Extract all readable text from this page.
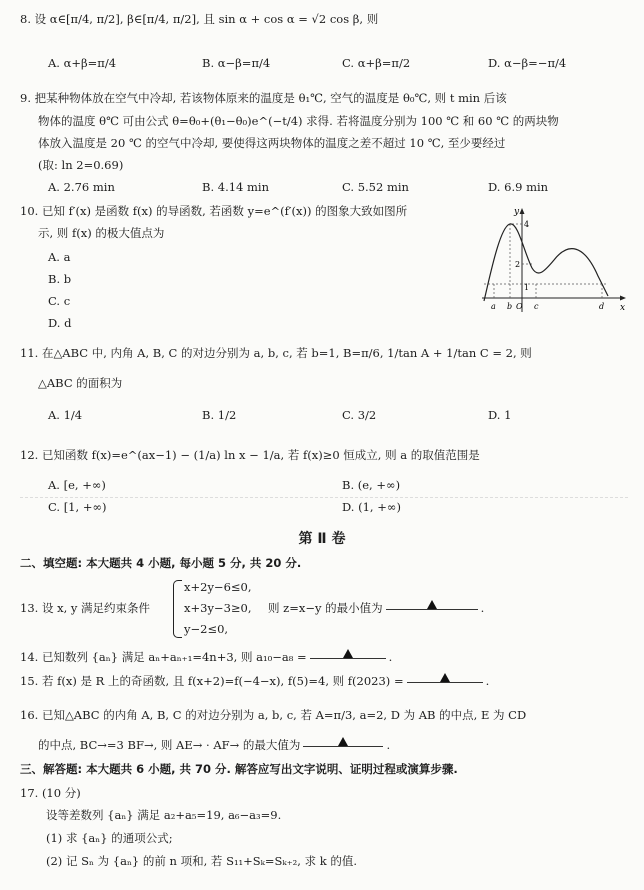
8. 设 α∈[π/4, π/2], β∈[π/4, π/2], 且 sin α + cos α = √2 cos β, 则
A. α+β=π/4	B. α−β=π/4	C. α+β=π/2	D. α−β=−π/4
9. 把某种物体放在空气中冷却, 若该物体原来的温度是 θ₁℃, 空气的温度是 θ₀℃, 则 t min 后该
物体的温度 θ℃ 可由公式 θ=θ₀+(θ₁−θ₀)e^(−t/4) 求得. 若将温度分别为 100 ℃ 和 60 ℃ 的两块物
体放入温度是 20 ℃ 的空气中冷却, 要使得这两块物体的温度之差不超过 10 ℃, 至少要经过
(取: ln 2=0.69)
A. 2.76 min	B. 4.14 min	C. 5.52 min	D. 6.9 min
10. 已知 f′(x) 是函数 f(x) 的导函数, 若函数 y=e^(f′(x)) 的图象大致如图所
示, 则 f(x) 的极大值点为
A. a
B. b
C. c
D. d
y
x
4
2
1
a b O c	d
11. 在△ABC 中, 内角 A, B, C 的对边分别为 a, b, c, 若 b=1, B=π/6, 1/tan A + 1/tan C = 2, 则
△ABC 的面积为
A. 1/4	B. 1/2	C. 3/2	D. 1
12. 已知函数 f(x)=e^(ax−1) − (1/a) ln x − 1/a, 若 f(x)≥0 恒成立, 则 a 的取值范围是
A. [e, +∞)	B. (e, +∞)
C. [1, +∞)	D. (1, +∞)
第 Ⅱ 卷
二、填空题: 本大题共 4 小题, 每小题 5 分, 共 20 分.
13. 设 x, y 满足约束条件
x+2y−6≤0,
x+3y−3≥0,
y−2≤0,
则 z=x−y 的最小值为	.
14. 已知数列 {aₙ} 满足 aₙ+aₙ₊₁=4n+3, 则 a₁₀−a₈ =	.
15. 若 f(x) 是 R 上的奇函数, 且 f(x+2)=f(−4−x), f(5)=4, 则 f(2023) =	.
16. 已知△ABC 的内角 A, B, C 的对边分别为 a, b, c, 若 A=π/3, a=2, D 为 AB 的中点, E 为 CD
的中点, BC→=3 BF→, 则 AE→ · AF→ 的最大值为	.
三、解答题: 本大题共 6 小题, 共 70 分. 解答应写出文字说明、证明过程或演算步骤.
17. (10 分)
设等差数列 {aₙ} 满足 a₂+a₅=19, a₆−a₃=9.
(1) 求 {aₙ} 的通项公式;
(2) 记 Sₙ 为 {aₙ} 的前 n 项和, 若 S₁₁+Sₖ=Sₖ₊₂, 求 k 的值.
